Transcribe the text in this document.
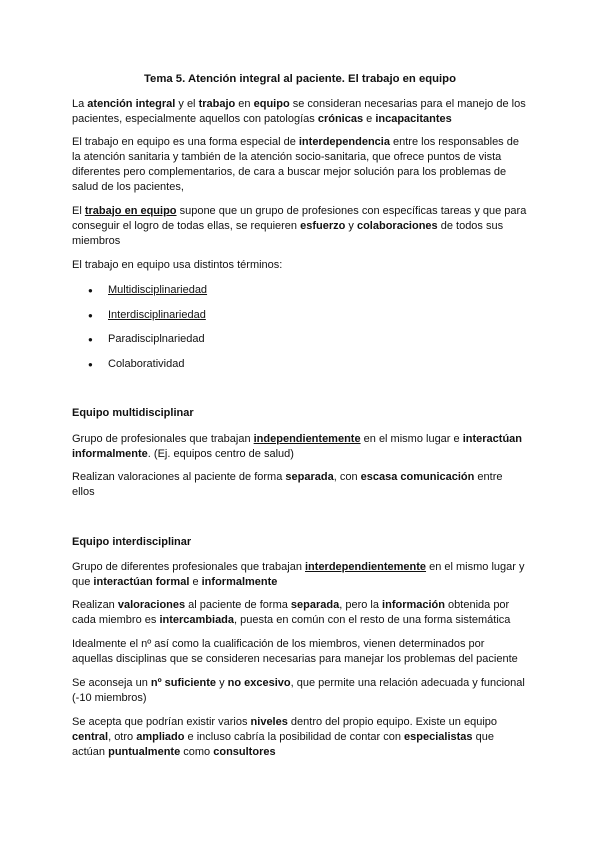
Tema 5. Atención integral al paciente. El trabajo en equipo

La atención integral y el trabajo en equipo se consideran necesarias para el manejo de los pacientes, especialmente aquellos con patologías crónicas e incapacitantes

El trabajo en equipo es una forma especial de interdependencia entre los responsables de la atención sanitaria y también de la atención socio-sanitaria, que ofrece puntos de vista diferentes pero complementarios, de cara a buscar mejor solución para los problemas de salud de los pacientes,

El trabajo en equipo supone que un grupo de profesiones con específicas tareas y que para conseguir el logro de todas ellas, se requieren esfuerzo y colaboraciones de todos sus miembros

El trabajo en equipo usa distintos términos:

● Multidisciplinariedad
● Interdisciplinariedad
● Paradisciplnariedad
● Colaboratividad

Equipo multidisciplinar

Grupo de profesionales que trabajan independientemente en el mismo lugar e interactúan informalmente. (Ej. equipos centro de salud)

Realizan valoraciones al paciente de forma separada, con escasa comunicación entre ellos

Equipo interdisciplinar

Grupo de diferentes profesionales que trabajan interdependientemente en el mismo lugar y que interactúan formal e informalmente

Realizan valoraciones al paciente de forma separada, pero la información obtenida por cada miembro es intercambiada, puesta en común con el resto de una forma sistemática

Idealmente el nº así como la cualificación de los miembros, vienen determinados por aquellas disciplinas que se consideren necesarias para manejar los problemas del paciente

Se aconseja un nº suficiente y no excesivo, que permite una relación adecuada y funcional (-10 miembros)

Se acepta que podrían existir varios niveles dentro del propio equipo. Existe un equipo central, otro ampliado e incluso cabría la posibilidad de contar con especialistas que actúan puntualmente como consultores
